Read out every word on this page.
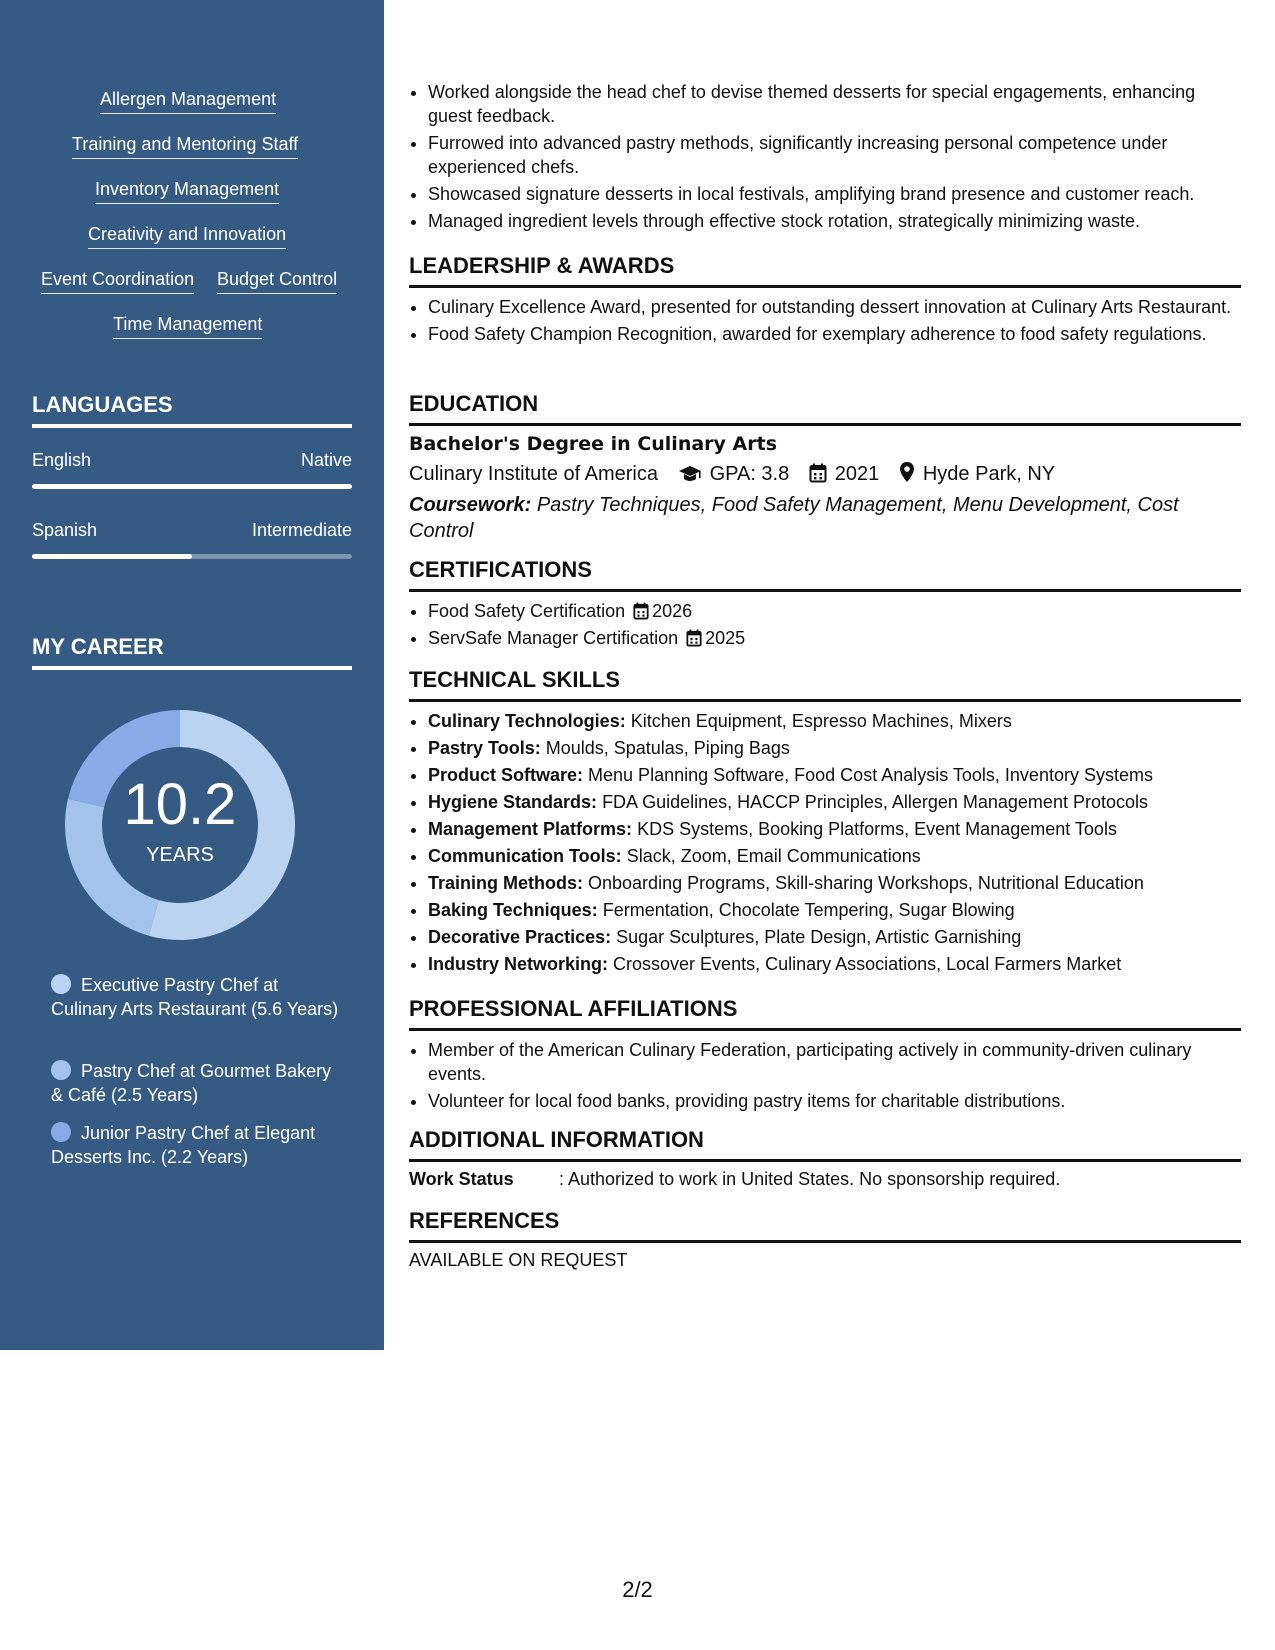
Allergen Management
Training and Mentoring Staff
Inventory Management
Creativity and Innovation
Event Coordination Budget Control
Time Management
LANGUAGES
English	Native
Spanish	Intermediate
MY CAREER
10.2
YEARS
Executive Pastry Chef at Culinary Arts Restaurant (5.6 Years)
Pastry Chef at Gourmet Bakery & Café (2.5 Years)
Junior Pastry Chef at Elegant Desserts Inc. (2.2 Years)
• Worked alongside the head chef to devise themed desserts for special engagements, enhancing guest feedback.
• Furrowed into advanced pastry methods, significantly increasing personal competence under experienced chefs.
• Showcased signature desserts in local festivals, amplifying brand presence and customer reach.
• Managed ingredient levels through effective stock rotation, strategically minimizing waste.
LEADERSHIP & AWARDS
• Culinary Excellence Award, presented for outstanding dessert innovation at Culinary Arts Restaurant.
• Food Safety Champion Recognition, awarded for exemplary adherence to food safety regulations.
EDUCATION
Bachelor's Degree in Culinary Arts
Culinary Institute of America	GPA: 3.8 2021 Hyde Park, NY
Coursework: Pastry Techniques, Food Safety Management, Menu Development, Cost Control
CERTIFICATIONS
• Food Safety Certification 2026
• ServSafe Manager Certification 2025
TECHNICAL SKILLS
• Culinary Technologies: Kitchen Equipment, Espresso Machines, Mixers
• Pastry Tools: Moulds, Spatulas, Piping Bags
• Product Software: Menu Planning Software, Food Cost Analysis Tools, Inventory Systems
• Hygiene Standards: FDA Guidelines, HACCP Principles, Allergen Management Protocols
• Management Platforms: KDS Systems, Booking Platforms, Event Management Tools
• Communication Tools: Slack, Zoom, Email Communications
• Training Methods: Onboarding Programs, Skill-sharing Workshops, Nutritional Education
• Baking Techniques: Fermentation, Chocolate Tempering, Sugar Blowing
• Decorative Practices: Sugar Sculptures, Plate Design, Artistic Garnishing
• Industry Networking: Crossover Events, Culinary Associations, Local Farmers Market
PROFESSIONAL AFFILIATIONS
• Member of the American Culinary Federation, participating actively in community-driven culinary events.
• Volunteer for local food banks, providing pastry items for charitable distributions.
ADDITIONAL INFORMATION
Work Status	: Authorized to work in United States. No sponsorship required.
REFERENCES
AVAILABLE ON REQUEST
2/2
